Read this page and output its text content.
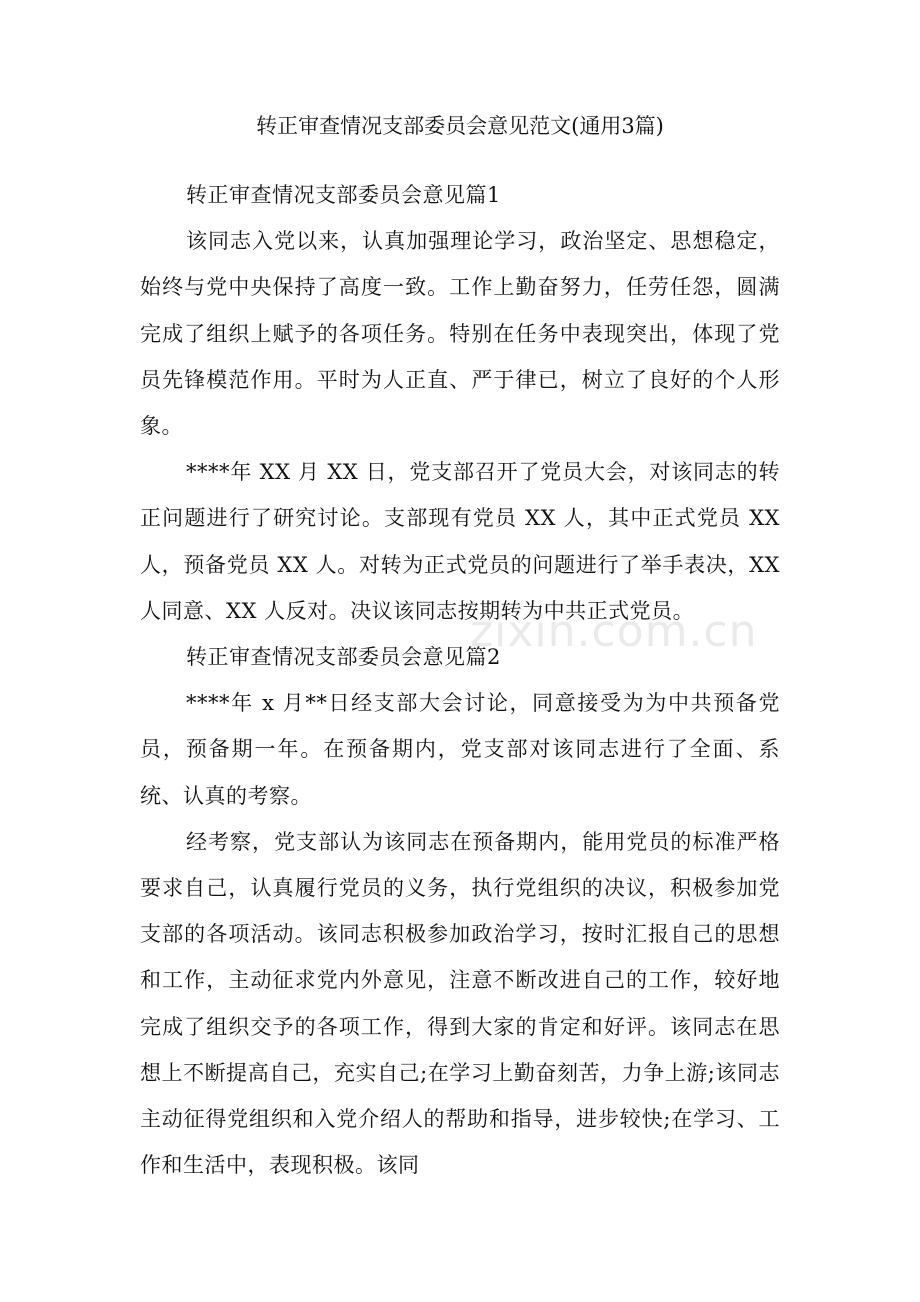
转正审查情况支部委员会意见范文(通用3篇)

转正审查情况支部委员会意见篇1

该同志入党以来，认真加强理论学习，政治坚定、思想稳定，始终与党中央保持了高度一致。工作上勤奋努力，任劳任怨，圆满完成了组织上赋予的各项任务。特别在任务中表现突出，体现了党员先锋模范作用。平时为人正直、严于律已，树立了良好的个人形象。

****年 XX 月 XX 日，党支部召开了党员大会，对该同志的转正问题进行了研究讨论。支部现有党员 XX 人，其中正式党员 XX 人，预备党员 XX 人。对转为正式党员的问题进行了举手表决，XX 人同意、XX 人反对。决议该同志按期转为中共正式党员。

转正审查情况支部委员会意见篇2

****年 x 月**日经支部大会讨论，同意接受为为中共预备党员，预备期一年。在预备期内，党支部对该同志进行了全面、系统、认真的考察。

经考察，党支部认为该同志在预备期内，能用党员的标准严格要求自己，认真履行党员的义务，执行党组织的决议，积极参加党支部的各项活动。该同志积极参加政治学习，按时汇报自己的思想和工作，主动征求党内外意见，注意不断改进自己的工作，较好地完成了组织交予的各项工作，得到大家的肯定和好评。该同志在思想上不断提高自己，充实自己;在学习上勤奋刻苦，力争上游;该同志主动征得党组织和入党介绍人的帮助和指导，进步较快;在学习、工作和生活中，表现积极。该同

zixin.com.cn
